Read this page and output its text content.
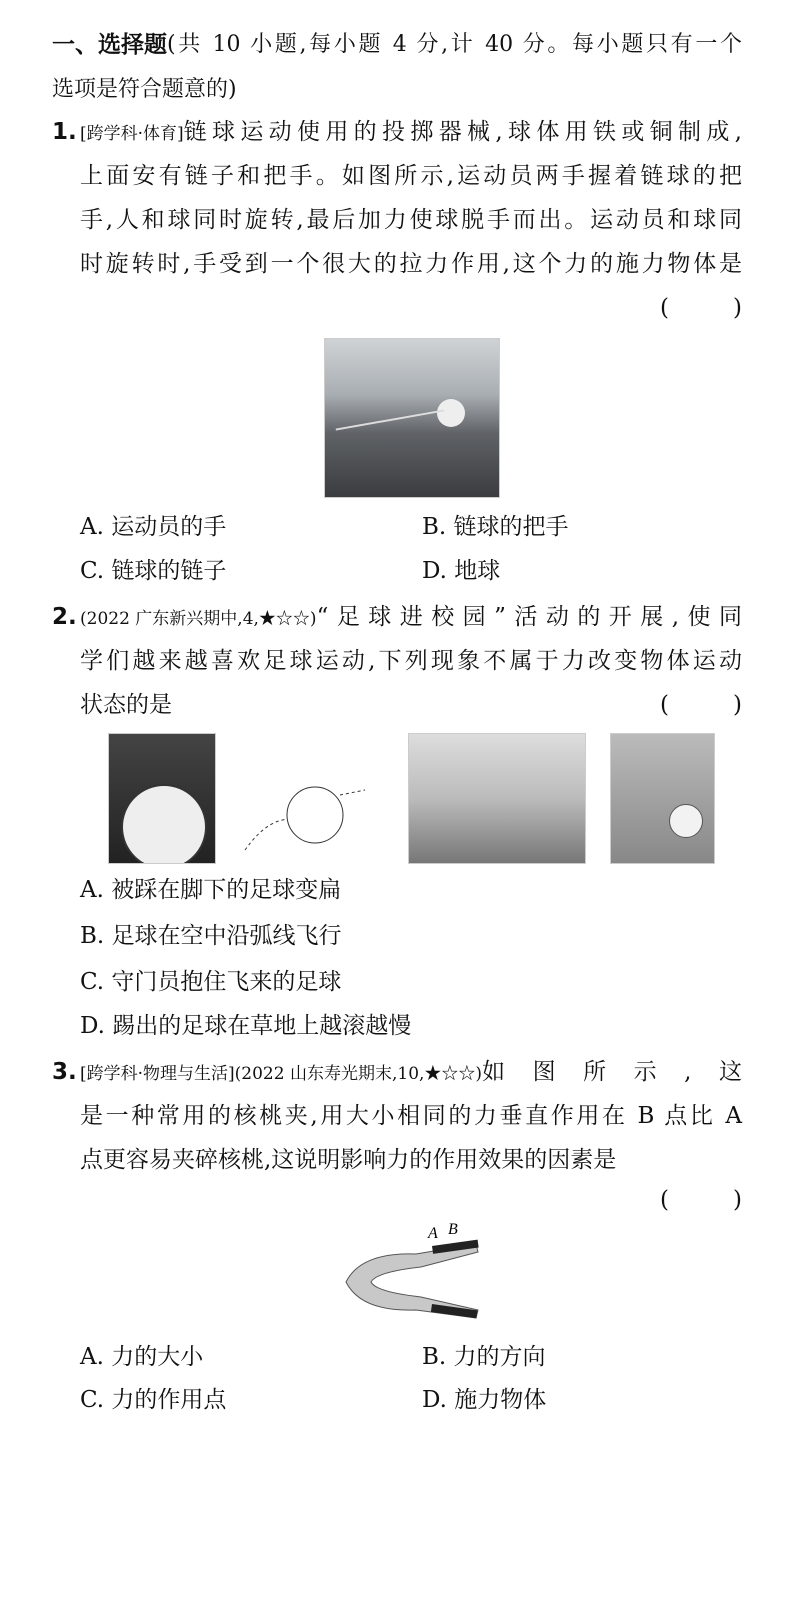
一、选择题 (共 10 小题,每小题 4 分,计 40 分。每小题只有一个
选项是符合题意的)
1. [跨学科·体育] 链球运动使用的投掷器械,球体用铁或铜制成,
上面安有链子和把手。如图所示,运动员两手握着链球的把
手,人和球同时旋转,最后加力使球脱手而出。运动员和球同
时旋转时,手受到一个很大的拉力作用,这个力的施力物体是
(	)
A. 运动员的手	B. 链球的把手
C. 链球的链子	D. 地球
2. (2022 广东新兴期中,4,★☆☆) “足球进校园”活动的开展,使同
学们越来越喜欢足球运动,下列现象不属于力改变物体运动
状态的是	(	)
A. 被踩在脚下的足球变扁
B. 足球在空中沿弧线飞行
C. 守门员抱住飞来的足球
D. 踢出的足球在草地上越滚越慢
3. [跨学科·物理与生活] (2022 山东寿光期末,10,★☆☆) 如图所示,这
是一种常用的核桃夹,用大小相同的力垂直作用在 B 点比 A
点更容易夹碎核桃,这说明影响力的作用效果的因素是
(	)
A B
A. 力的大小	B. 力的方向
C. 力的作用点	D. 施力物体
